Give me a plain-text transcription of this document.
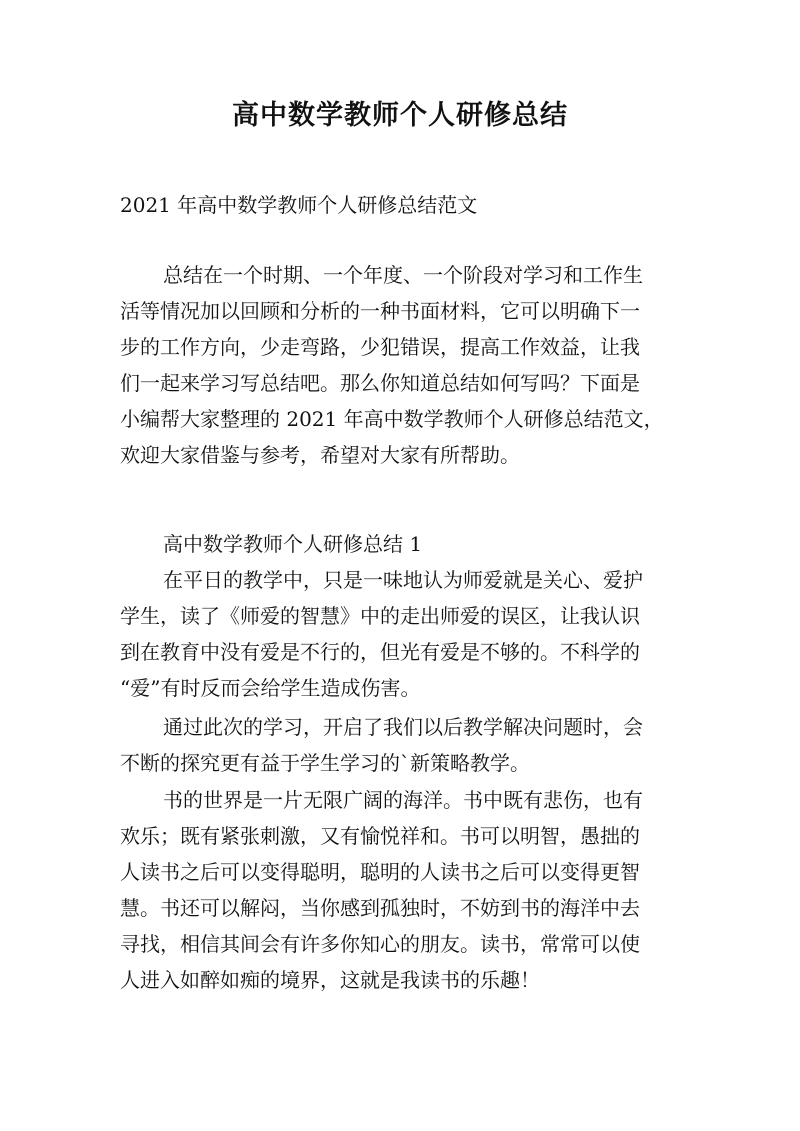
高中数学教师个人研修总结
2021 年高中数学教师个人研修总结范文
总结在一个时期、一个年度、一个阶段对学习和工作生
活等情况加以回顾和分析的一种书面材料，它可以明确下一
步的工作方向，少走弯路，少犯错误，提高工作效益，让我
们一起来学习写总结吧。那么你知道总结如何写吗？下面是
小编帮大家整理的 2021 年高中数学教师个人研修总结范文，
欢迎大家借鉴与参考，希望对大家有所帮助。
高中数学教师个人研修总结 1
在平日的教学中，只是一味地认为师爱就是关心、爱护
学生，读了《师爱的智慧》中的走出师爱的误区，让我认识
到在教育中没有爱是不行的，但光有爱是不够的。不科学的
“爱”有时反而会给学生造成伤害。
通过此次的学习，开启了我们以后教学解决问题时，会
不断的探究更有益于学生学习的`新策略教学。
书的世界是一片无限广阔的海洋。书中既有悲伤，也有
欢乐；既有紧张刺激，又有愉悦祥和。书可以明智，愚拙的
人读书之后可以变得聪明，聪明的人读书之后可以变得更智
慧。书还可以解闷，当你感到孤独时，不妨到书的海洋中去
寻找，相信其间会有许多你知心的朋友。读书，常常可以使
人进入如醉如痴的境界，这就是我读书的乐趣！
